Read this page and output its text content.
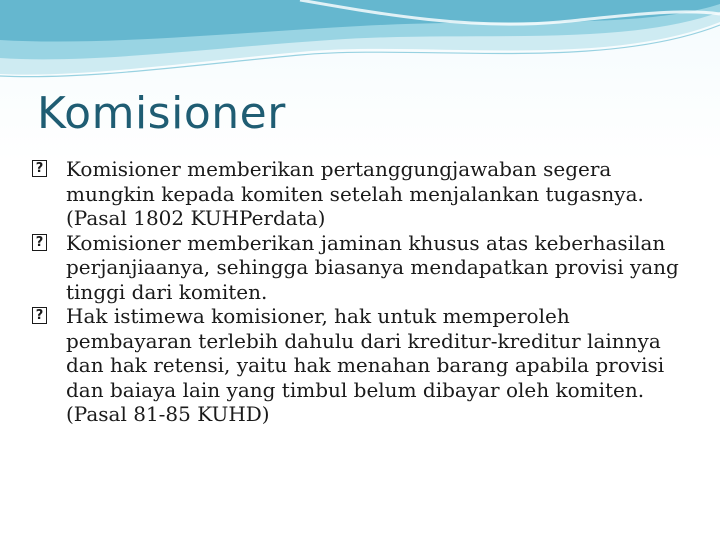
Komisioner
? Komisioner memberikan pertanggungjawaban segera mungkin kepada komiten setelah menjalankan tugasnya. (Pasal 1802 KUHPerdata)
? Komisioner memberikan jaminan khusus atas keberhasilan perjanjiaanya, sehingga biasanya mendapatkan provisi yang tinggi dari komiten.
? Hak istimewa komisioner, hak untuk memperoleh pembayaran terlebih dahulu dari kreditur-kreditur lainnya dan hak retensi, yaitu hak menahan barang apabila provisi dan baiaya lain yang timbul belum dibayar oleh komiten. (Pasal 81-85 KUHD)
